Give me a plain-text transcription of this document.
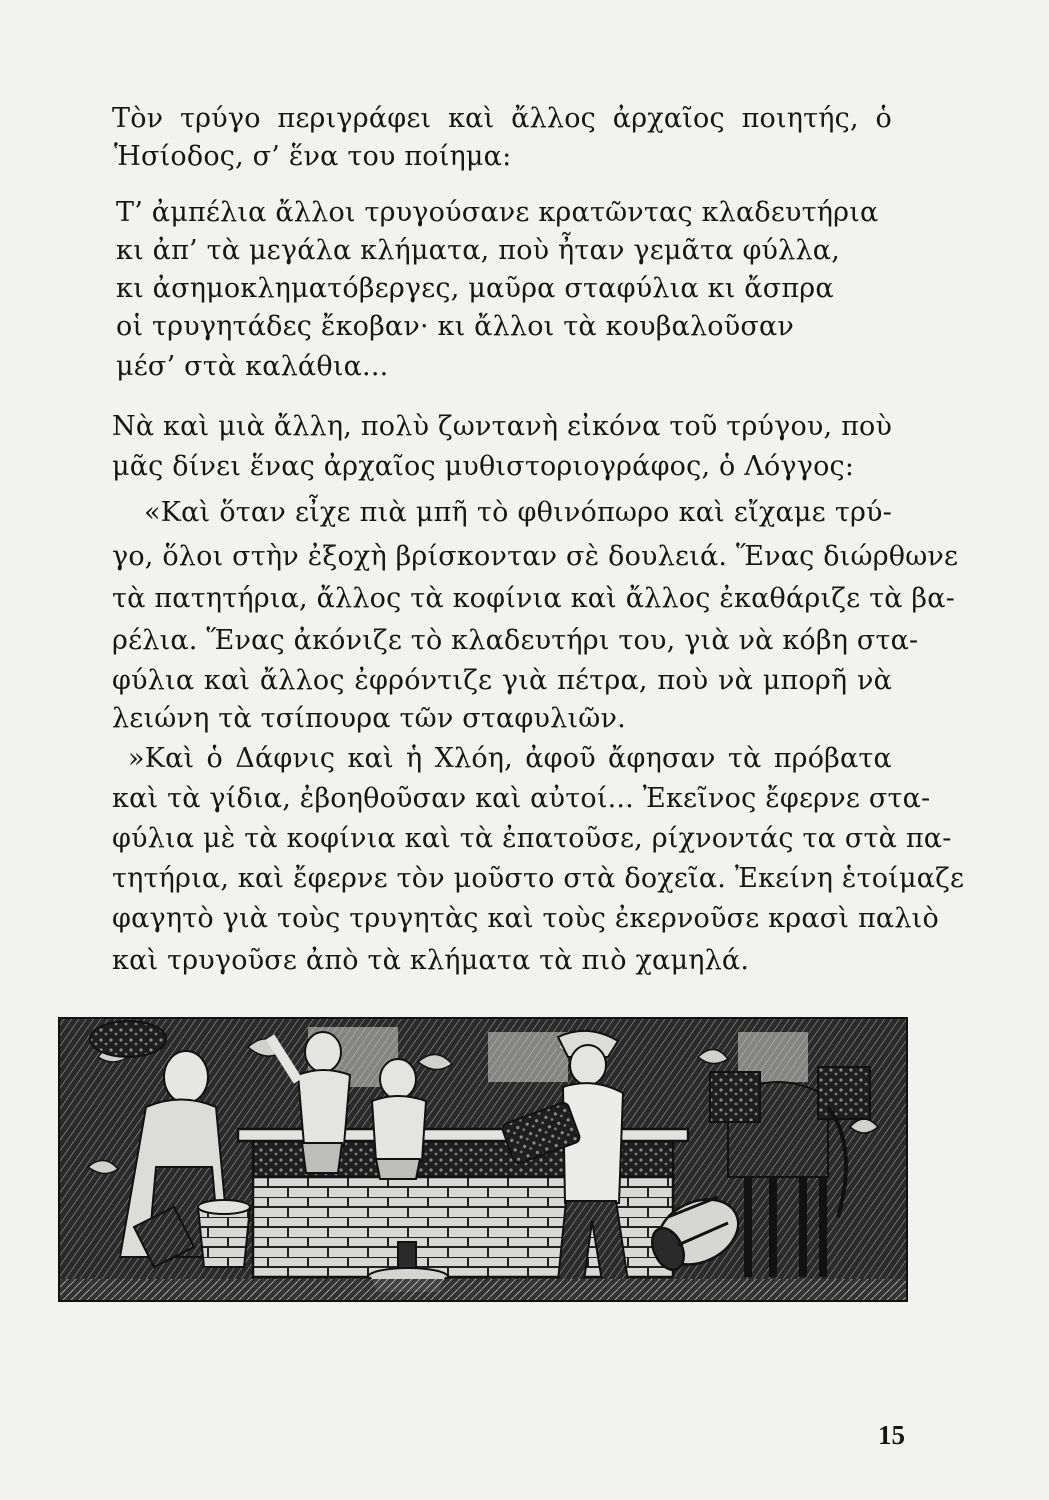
Τὸν τρύγο περιγράφει καὶ ἄλλος ἀρχαῖος ποιητής, ὁ
Ἡσίοδος, σ’ ἕνα του ποίημα:
Τ’ ἀμπέλια ἄλλοι τρυγούσανε κρατῶντας κλαδευτήρια
κι ἀπ’ τὰ μεγάλα κλήματα, ποὺ ἦταν γεμᾶτα φύλλα,
κι ἀσημοκληματόβεργες, μαῦρα σταφύλια κι ἄσπρα
οἱ τρυγητάδες ἔκοβαν· κι ἄλλοι τὰ κουβαλοῦσαν
μέσ’ στὰ καλάθια...
Νὰ καὶ μιὰ ἄλλη, πολὺ ζωντανὴ εἰκόνα τοῦ τρύγου, ποὺ
μᾶς δίνει ἕνας ἀρχαῖος μυθιστοριογράφος, ὁ Λόγγος:
«Καὶ ὅταν εἶχε πιὰ μπῆ τὸ φθινόπωρο καὶ εἴχαμε τρύ-
γο, ὅλοι στὴν ἐξοχὴ βρίσκονταν σὲ δουλειά. Ἕνας διώρθωνε
τὰ πατητήρια, ἄλλος τὰ κοφίνια καὶ ἄλλος ἐκαθάριζε τὰ βα-
ρέλια. Ἕνας ἀκόνιζε τὸ κλαδευτήρι του, γιὰ νὰ κόβη στα-
φύλια καὶ ἄλλος ἐφρόντιζε γιὰ πέτρα, ποὺ νὰ μπορῆ νὰ
λειώνη τὰ τσίπουρα τῶν σταφυλιῶν.
»Καὶ ὁ Δάφνις καὶ ἡ Χλόη, ἀφοῦ ἄφησαν τὰ πρόβατα
καὶ τὰ γίδια, ἐβοηθοῦσαν καὶ αὐτοί... Ἐκεῖνος ἔφερνε στα-
φύλια μὲ τὰ κοφίνια καὶ τὰ ἐπατοῦσε, ρίχνοντάς τα στὰ πα-
τητήρια, καὶ ἔφερνε τὸν μοῦστο στὰ δοχεῖα. Ἐκείνη ἑτοίμαζε
φαγητὸ γιὰ τοὺς τρυγητὰς καὶ τοὺς ἐκερνοῦσε κρασὶ παλιὸ
καὶ τρυγοῦσε ἀπὸ τὰ κλήματα τὰ πιὸ χαμηλά.
15
